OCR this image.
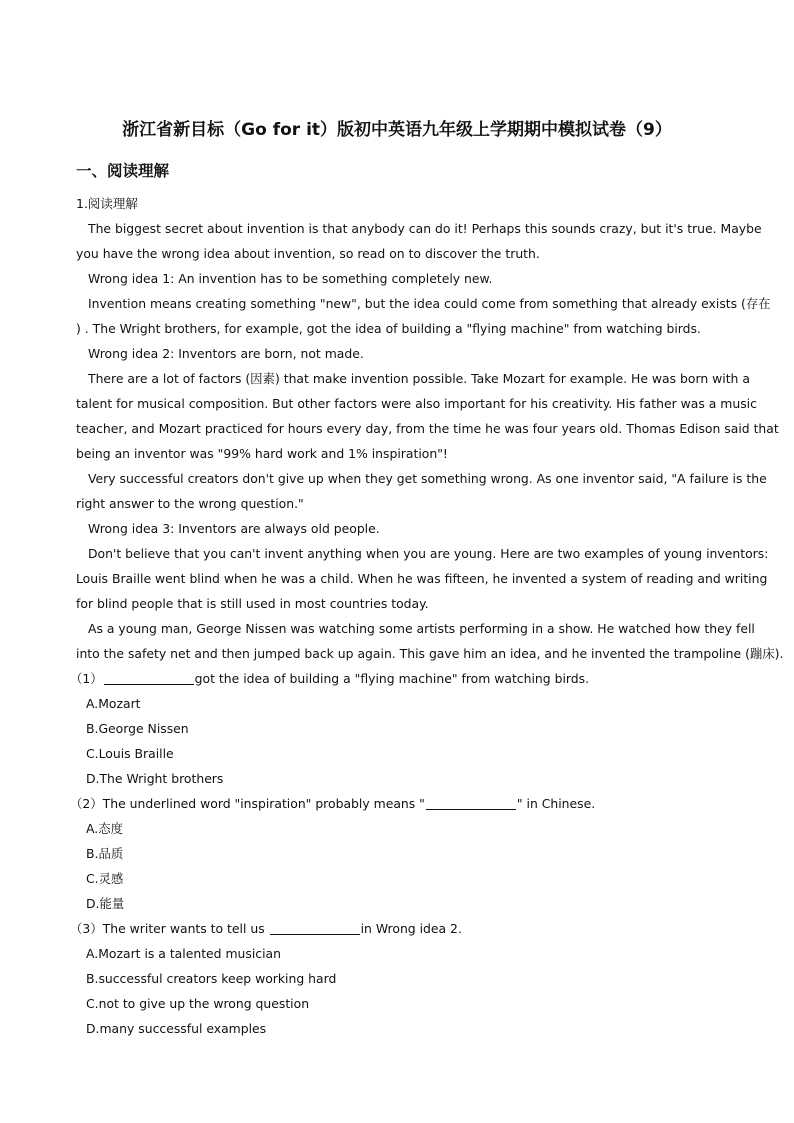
浙江省新目标（Go for it）版初中英语九年级上学期期中模拟试卷（9）
一、阅读理解
1.阅读理解
The biggest secret about invention is that anybody can do it! Perhaps this sounds crazy, but it's true. Maybe
you have the wrong idea about invention, so read on to discover the truth.
Wrong idea 1: An invention has to be something completely new.
Invention means creating something "new", but the idea could come from something that already exists (存在
) . The Wright brothers, for example, got the idea of building a "flying machine" from watching birds.
Wrong idea 2: Inventors are born, not made.
There are a lot of factors (因素) that make invention possible. Take Mozart for example. He was born with a
talent for musical composition. But other factors were also important for his creativity. His father was a music
teacher, and Mozart practiced for hours every day, from the time he was four years old. Thomas Edison said that
being an inventor was "99% hard work and 1% inspiration"!
Very successful creators don't give up when they get something wrong. As one inventor said, "A failure is the
right answer to the wrong question."
Wrong idea 3: Inventors are always old people.
Don't believe that you can't invent anything when you are young. Here are two examples of young inventors:
Louis Braille went blind when he was a child. When he was fifteen, he invented a system of reading and writing
for blind people that is still used in most countries today.
As a young man, George Nissen was watching some artists performing in a show. He watched how they fell
into the safety net and then jumped back up again. This gave him an idea, and he invented the trampoline (蹦床).
（1）	got the idea of building a "flying machine" from watching birds.
A.Mozart
B.George Nissen
C.Louis Braille
D.The Wright brothers
（2）The underlined word "inspiration" probably means "	" in Chinese.
A.态度
B.品质
C.灵感
D.能量
（3）The writer wants to tell us	in Wrong idea 2.
A.Mozart is a talented musician
B.successful creators keep working hard
C.not to give up the wrong question
D.many successful examples
